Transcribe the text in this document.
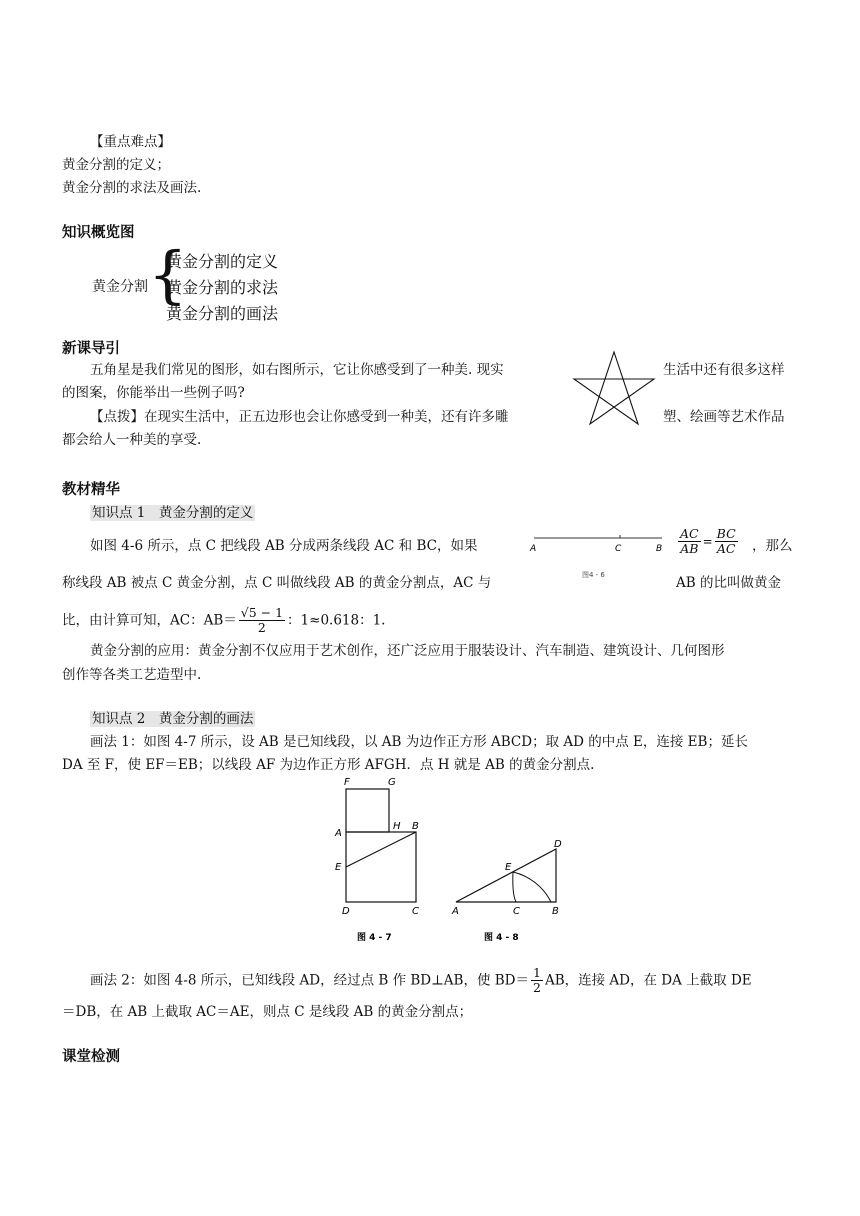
【重点难点】
黄金分割的定义；
黄金分割的求法及画法.
知识概览图
黄金分割 {
黄金分割的定义
黄金分割的求法
黄金分割的画法
新课导引
五角星是我们常见的图形，如右图所示，它让你感受到了一种美. 现实	生活中还有很多这样
的图案，你能举出一些例子吗?
【点拨】在现实生活中，正五边形也会让你感受到一种美，还有许多雕	塑、绘画等艺术作品
都会给人一种美的享受.
教材精华
知识点 1　黄金分割的定义
如图 4-6 所示，点 C 把线段 AB 分成两条线段 AC 和 BC，如果	A	C	B
图4 - 6
$\frac{AC}{AB} = \frac{BC}{AC}$ ，那么
称线段 AB 被点 C 黄金分割，点 C 叫做线段 AB 的黄金分割点，AC 与	AB 的比叫做黄金
比，由计算可知，AC：$AB= \frac{√5 - 1}{2}$ ：1≈0.618：1.
黄金分割的应用：黄金分割不仅应用于艺术创作，还广泛应用于服装设计、汽车制造、建筑设计、几何图形
创作等各类工艺造型中.
知识点 2　黄金分割的画法
画法 1：如图 4-7 所示，设 AB 是已知线段，以 AB 为边作正方形 ABCD；取 AD 的中点 E，连接 EB；延长
DA 至 F，使 EF＝EB；以线段 AF 为边作正方形 AFGH．点 H 就是 AB 的黄金分割点.
F	G
A
H B
E
D	C
图 4 - 7
D
E
A	C	B
图 4 - 8
画法 2：如图 4-8 所示，已知线段 AD，经过点 B 作 BD⊥AB，使 $BD= \frac{1}{2}$ AB，连接 AD，在 DA 上截取 DE
＝DB，在 AB 上截取 AC＝AE，则点 C 是线段 AB 的黄金分割点；
课堂检测
